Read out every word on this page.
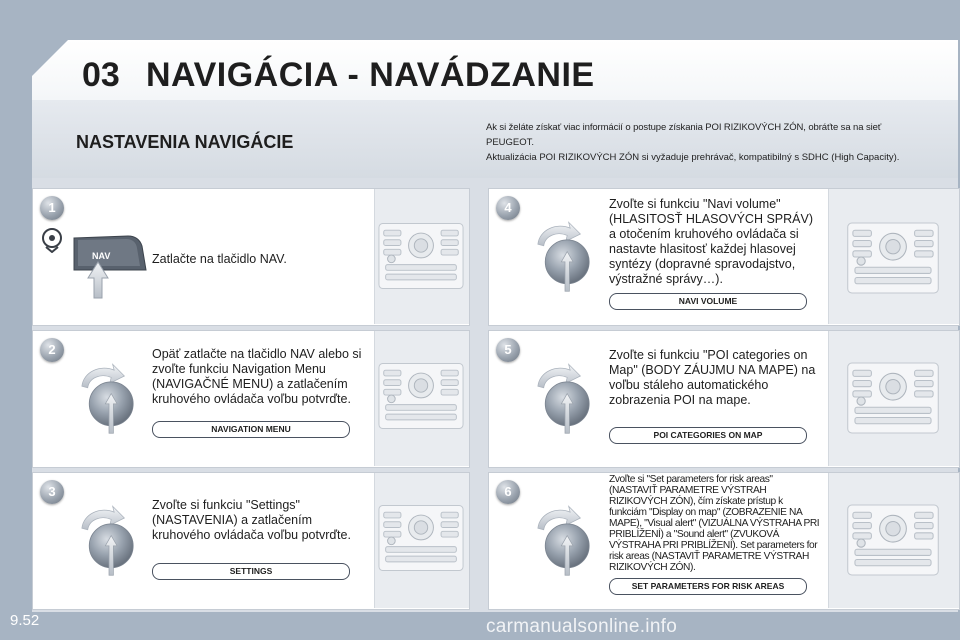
03 NAVIGÁCIA - NAVÁDZANIE
NASTAVENIA NAVIGÁCIE

Ak si želáte získať viac informácií o postupe získania POI RIZIKOVÝCH ZÓN, obráťte sa na sieť

PEUGEOT.

Aktualizácia POI RIZIKOVÝCH ZÓN si vyžaduje prehrávač, kompatibilný s SDHC (High Capacity).

1
NAV	Zatlačte na tlačidlo NAV.
2	Opäť zatlačte na tlačidlo NAV alebo si zvoľte funkciu Navigation Menu (NAVIGAČNÉ MENU) a zatlačením kruhového ovládača voľbu potvrďte.
NAVIGATION MENU
3
Zvoľte si funkciu "Settings" (NASTAVENIA) a zatlačením kruhového ovládača voľbu potvrďte.
SETTINGS
4	Zvoľte si funkciu "Navi volume" (HLASITOSŤ HLASOVÝCH SPRÁV) a otočením kruhového ovládača si nastavte hlasitosť každej hlasovej syntézy (dopravné spravodajstvo, výstražné správy…).
NAVI VOLUME
5	Zvoľte si funkciu "POI categories on Map" (BODY ZÁUJMU NA MAPE) na voľbu stáleho automatického zobrazenia POI na mape.
POI CATEGORIES ON MAP
6
Zvoľte si "Set parameters for risk areas" (NASTAVIŤ PARAMETRE VÝSTRAH RIZIKOVÝCH ZÓN), čím získate prístup k funkciám "Display on map" (ZOBRAZENIE NA MAPE), "Visual alert" (VIZUÁLNA VÝSTRAHA PRI PRIBLÍŽENÍ) a "Sound alert" (ZVUKOVÁ VÝSTRAHA PRI PRIBLÍŽENÍ). Set parameters for risk areas (NASTAVIŤ PARAMETRE VÝSTRAH RIZIKOVÝCH ZÓN).
SET PARAMETERS FOR RISK AREAS
9.52	carmanualsonline.info
